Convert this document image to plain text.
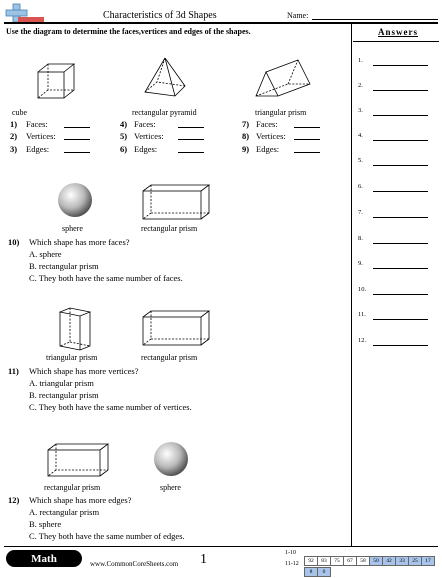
Characteristics of 3d Shapes	Name:
Use the diagram to determine the faces,vertices and edges of the shapes.	Answers
1.
2.
3.
4.
5.
6.
7.
8.
9.
10.
11.
12.
cube	rectangular pyramid	triangular prism
1) Faces:
2) Vertices:
3) Edges:
4) Faces:
5) Vertices:
6) Edges:
7) Faces:
8) Vertices:
9) Edges:
sphere	rectangular prism
10) Which shape has more faces?
A. sphere
B. rectangular prism
C. They both have the same number of faces.
triangular prism	rectangular prism
11) Which shape has more vertices?
A. triangular prism
B. rectangular prism
C. They both have the same number of vertices.
rectangular prism	sphere
12) Which shape has more edges?
A. rectangular prism
B. sphere
C. They both have the same number of edges.
Math	www.CommonCoreSheets.com 1	1-10
92 83 75 67 58 50 42 33 25 17
11-12
8 0
